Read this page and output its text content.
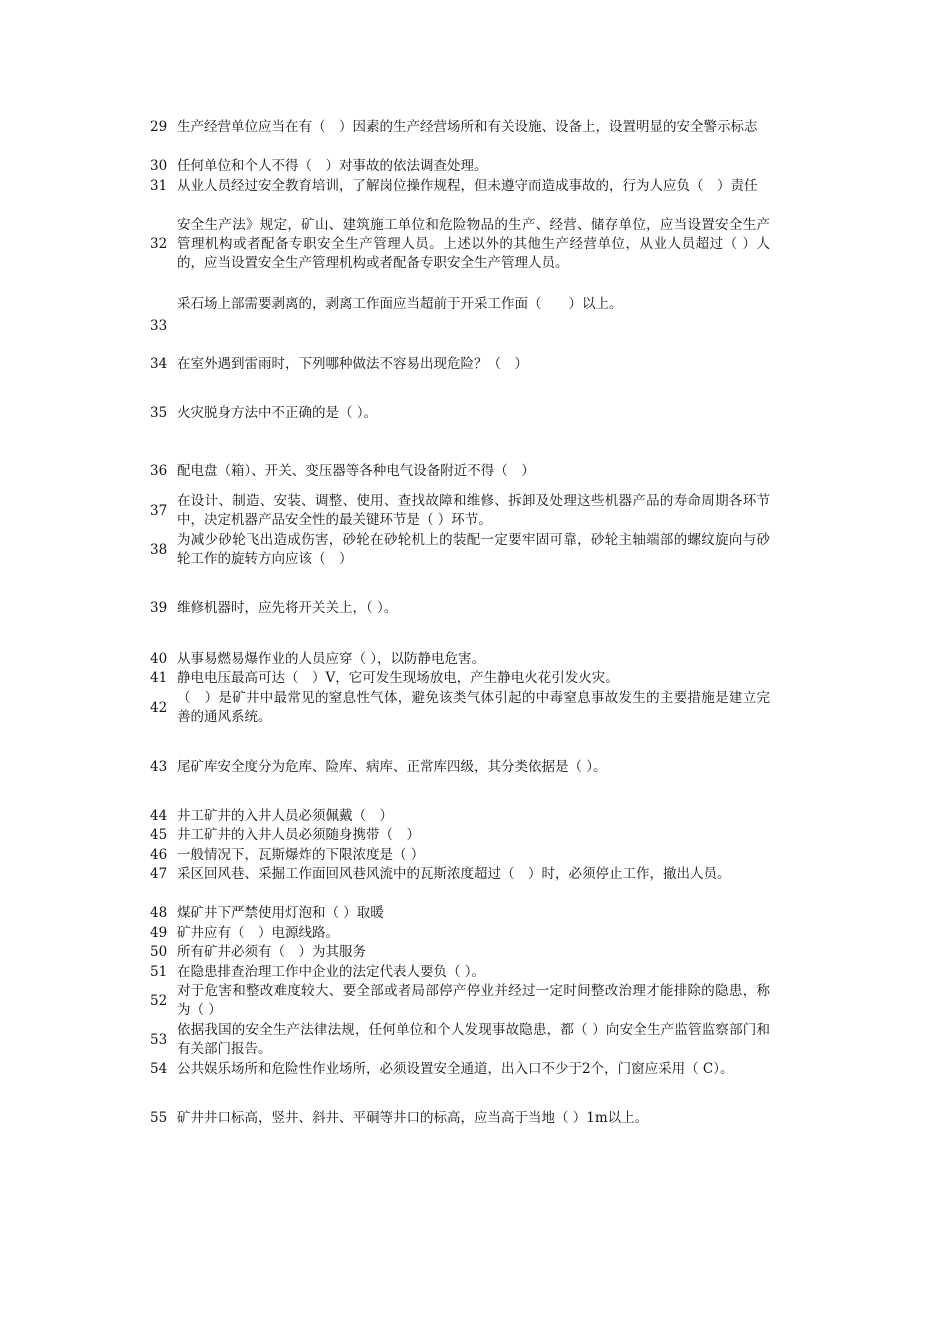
29 生产经营单位应当在有（　）因素的生产经营场所和有关设施、设备上，设置明显的安全警示标志
30 任何单位和个人不得（　）对事故的依法调查处理。
31 从业人员经过安全教育培训，了解岗位操作规程，但未遵守而造成事故的，行为人应负（　）责任
32
安全生产法》规定，矿山、建筑施工单位和危险物品的生产、经营、储存单位，应当设置安全生产管理机构或者配备专职安全生产管理人员。上述以外的其他生产经营单位，从业人员超过（ ）人的，应当设置安全生产管理机构或者配备专职安全生产管理人员。
33
采石场上部需要剥离的，剥离工作面应当超前于开采工作面（　　）以上。
34 在室外遇到雷雨时，下列哪种做法不容易出现危险？（　）
35 火灾脱身方法中不正确的是（ ）。
36 配电盘（箱）、开关、变压器等各种电气设备附近不得（　）
37
在设计、制造、安装、调整、使用、查找故障和维修、拆卸及处理这些机器产品的寿命周期各环节中，决定机器产品安全性的最关键环节是（ ）环节。
38
为减少砂轮飞出造成伤害，砂轮在砂轮机上的装配一定要牢固可靠，砂轮主轴端部的螺纹旋向与砂轮工作的旋转方向应该（　）
39 维修机器时，应先将开关关上，（ ）。
40 从事易燃易爆作业的人员应穿（ ），以防静电危害。
41 静电电压最高可达（　）V，它可发生现场放电，产生静电火花引发火灾。
42
（　）是矿井中最常见的窒息性气体，避免该类气体引起的中毒窒息事故发生的主要措施是建立完善的通风系统。
43 尾矿库安全度分为危库、险库、病库、正常库四级，其分类依据是（ ）。
44 井工矿井的入井人员必须佩戴（　）
45 井工矿井的入井人员必须随身携带（　）
46 一般情况下，瓦斯爆炸的下限浓度是（ ）
47 采区回风巷、采掘工作面回风巷风流中的瓦斯浓度超过（　）时，必须停止工作，撤出人员。
48 煤矿井下严禁使用灯泡和（ ）取暖
49 矿井应有（　）电源线路。
50 所有矿井必须有（　）为其服务
51 在隐患排查治理工作中企业的法定代表人要负（ ）。
52
对于危害和整改难度较大、要全部或者局部停产停业并经过一定时间整改治理才能排除的隐患，称为（ ）
53
依据我国的安全生产法律法规，任何单位和个人发现事故隐患，都（ ）向安全生产监管监察部门和有关部门报告。
54 公共娱乐场所和危险性作业场所，必须设置安全通道，出入口不少于2个，门窗应采用（ C）。
55 矿井井口标高，竖井、斜井、平硐等井口的标高，应当高于当地（ ）1m以上。
